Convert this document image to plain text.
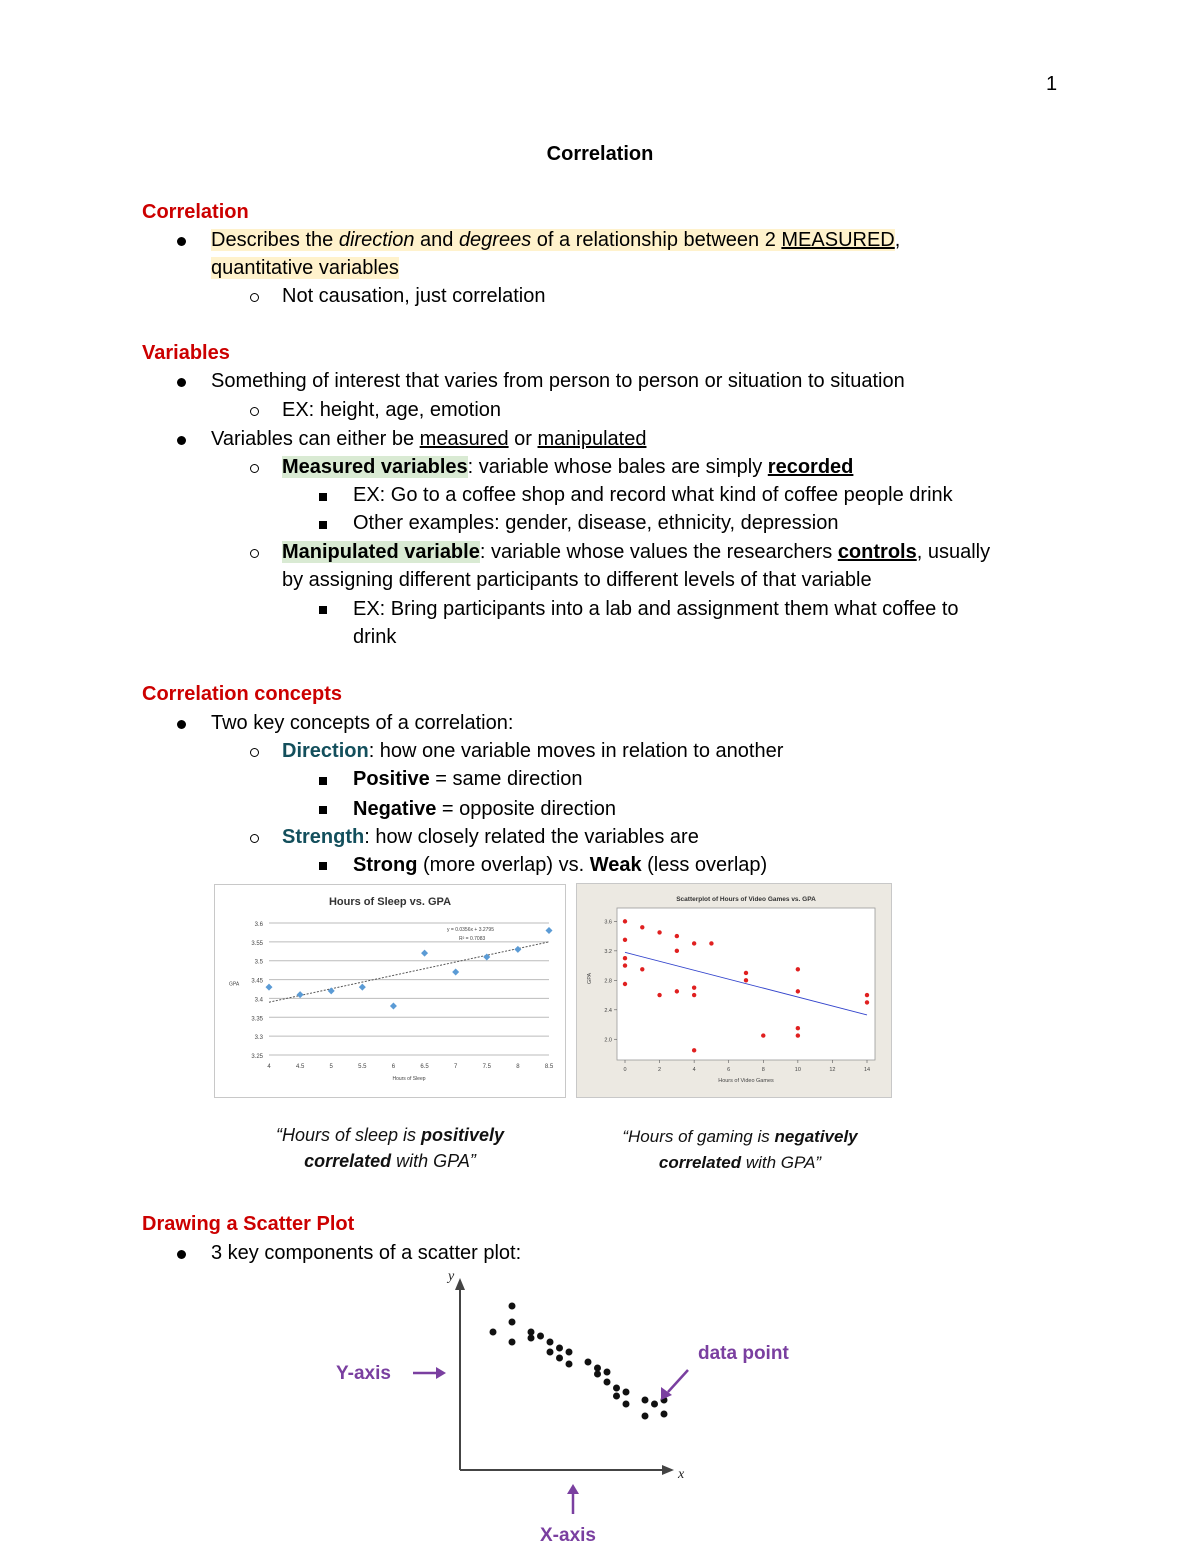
1
Correlation
Correlation
Describes the direction and degrees of a relationship between 2 MEASURED,
quantitative variables
Not causation, just correlation
Variables
Something of interest that varies from person to person or situation to situation
EX: height, age, emotion
Variables can either be measured or manipulated
Measured variables: variable whose bales are simply recorded
EX: Go to a coffee shop and record what kind of coffee people drink
Other examples: gender, disease, ethnicity, depression
Manipulated variable: variable whose values the researchers controls, usually
by assigning different participants to different levels of that variable
EX: Bring participants into a lab and assignment them what coffee to
drink
Correlation concepts
Two key concepts of a correlation:
Direction: how one variable moves in relation to another
Positive = same direction
Negative = opposite direction
Strength: how closely related the variables are
Strong (more overlap) vs. Weak (less overlap)
Hours of Sleep vs. GPA
3.25
3.3
3.35
3.4
3.45
3.5
3.55
3.6
4	4.5	5	5.5	6	6.5	7	7.5	8	8.5
Hours of Sleep
GPA
y = 0.0356x + 3.2795
R² = 0.7083
Scatterplot of Hours of Video Games vs. GPA
0	2	4	6	8	10	12	14
2.0
2.4
2.8
3.2
3.6
Hours of Video Games
GPA
“Hours of sleep is positively
correlated with GPA”
“Hours of gaming is negatively
correlated with GPA”
Drawing a Scatter Plot
3 key components of a scatter plot:
y
x
Y-axis
X-axis
data point
